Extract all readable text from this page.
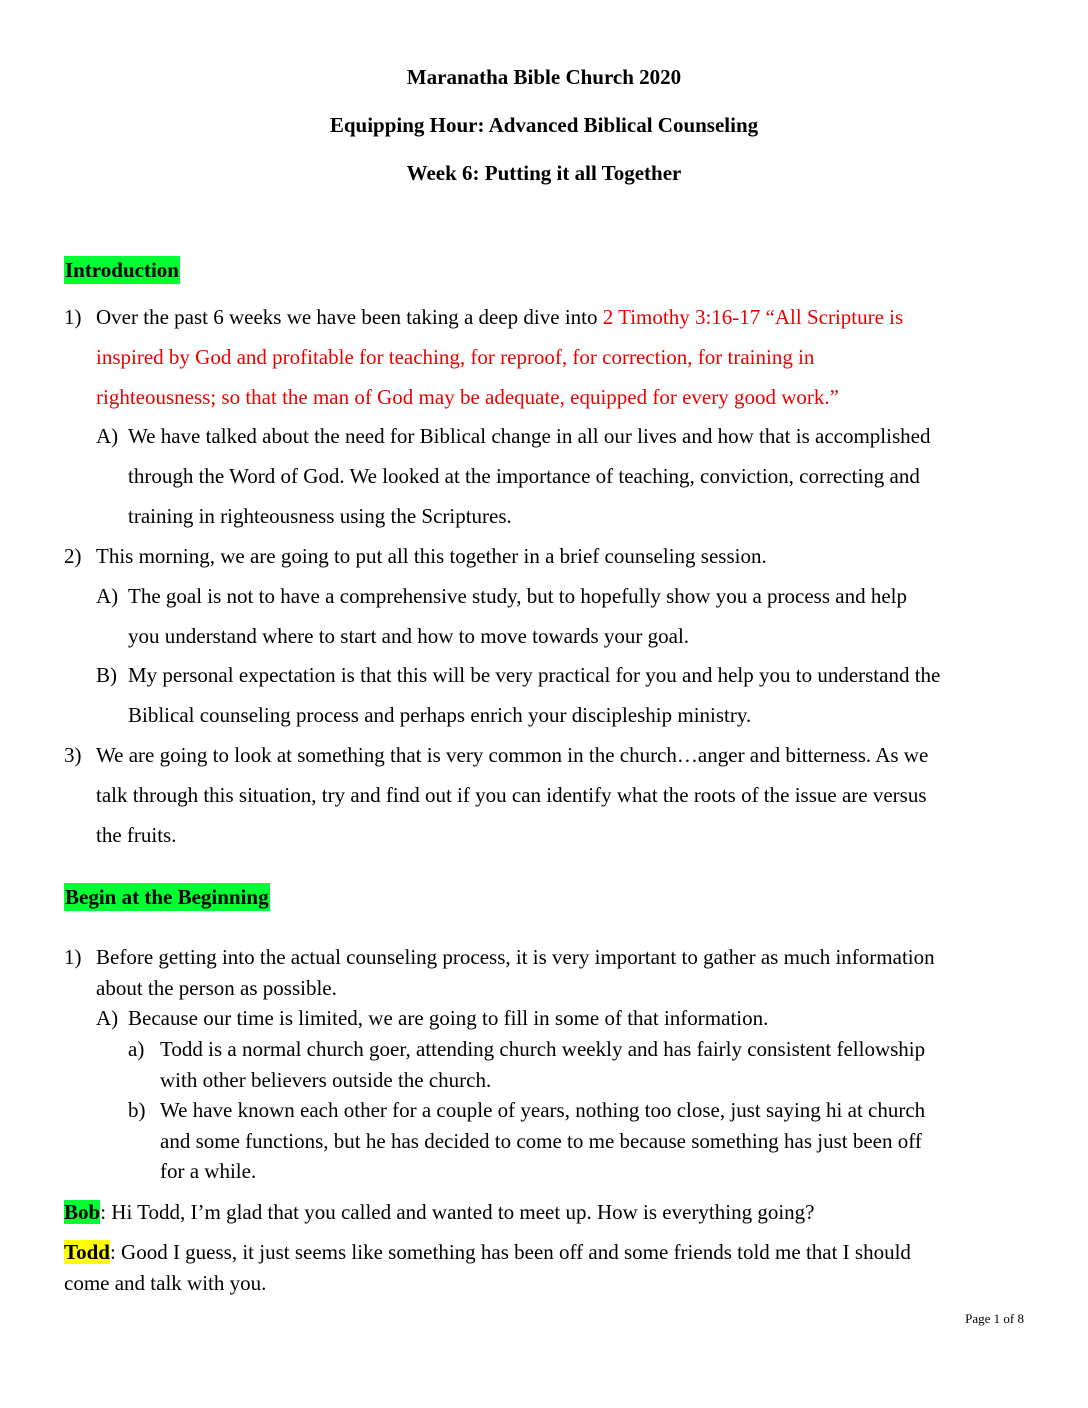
Maranatha Bible Church 2020
Equipping Hour: Advanced Biblical Counseling
Week 6: Putting it all Together
Introduction
1) Over the past 6 weeks we have been taking a deep dive into 2 Timothy 3:16-17 “All Scripture is
inspired by God and profitable for teaching, for reproof, for correction, for training in
righteousness; so that the man of God may be adequate, equipped for every good work.”
A) We have talked about the need for Biblical change in all our lives and how that is accomplished
through the Word of God. We looked at the importance of teaching, conviction, correcting and
training in righteousness using the Scriptures.
2) This morning, we are going to put all this together in a brief counseling session.
A) The goal is not to have a comprehensive study, but to hopefully show you a process and help
you understand where to start and how to move towards your goal.
B) My personal expectation is that this will be very practical for you and help you to understand the
Biblical counseling process and perhaps enrich your discipleship ministry.
3) We are going to look at something that is very common in the church…anger and bitterness. As we
talk through this situation, try and find out if you can identify what the roots of the issue are versus
the fruits.
Begin at the Beginning
1) Before getting into the actual counseling process, it is very important to gather as much information
about the person as possible.
A) Because our time is limited, we are going to fill in some of that information.
a) Todd is a normal church goer, attending church weekly and has fairly consistent fellowship
with other believers outside the church.
b) We have known each other for a couple of years, nothing too close, just saying hi at church
and some functions, but he has decided to come to me because something has just been off
for a while.
Bob: Hi Todd, I’m glad that you called and wanted to meet up. How is everything going?
Todd: Good I guess, it just seems like something has been off and some friends told me that I should
come and talk with you.
Page 1 of 8
